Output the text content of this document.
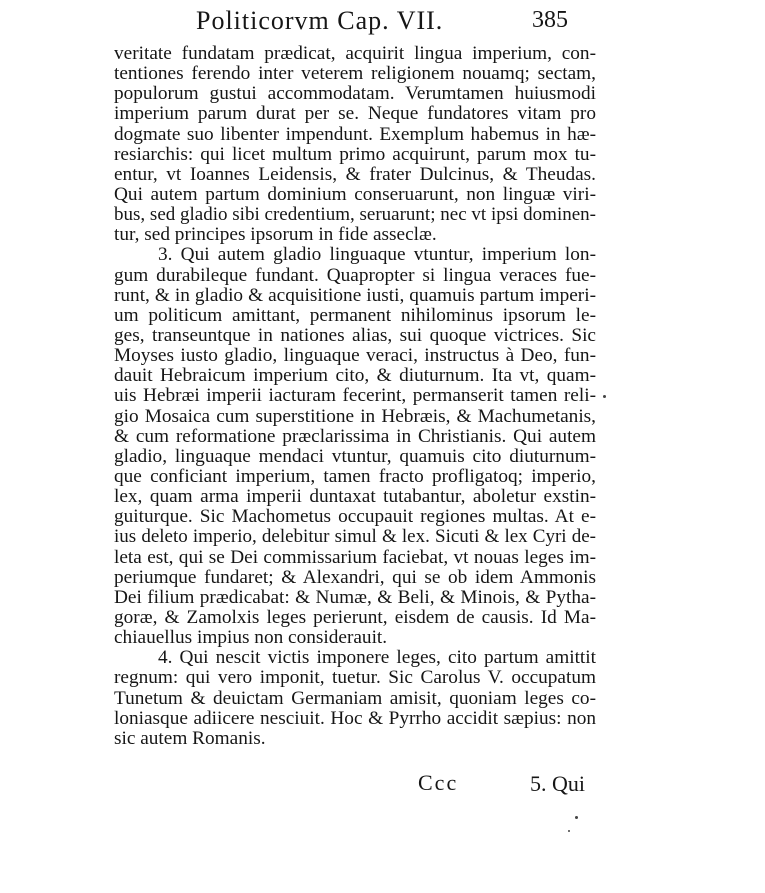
Politicorvm Cap. VII.	385
veritate fundatam prædicat, acquirit lingua imperium, con-
tentiones ferendo inter veterem religionem nouamq; sectam,
populorum gustui accommodatam. Verumtamen huiusmodi
imperium parum durat per se. Neque fundatores vitam pro
dogmate suo libenter impendunt. Exemplum habemus in hæ-
resiarchis: qui licet multum primo acquirunt, parum mox tu-
entur, vt Ioannes Leidensis, & frater Dulcinus, & Theudas.
Qui autem partum dominium conseruarunt, non linguæ viri-
bus, sed gladio sibi credentium, seruarunt; nec vt ipsi dominen-
tur, sed principes ipsorum in fide asseclæ.
3. Qui autem gladio linguaque vtuntur, imperium lon-
gum durabileque fundant. Quapropter si lingua veraces fue-
runt, & in gladio & acquisitione iusti, quamuis partum imperi-
um politicum amittant, permanent nihilominus ipsorum le-
ges, transeuntque in nationes alias, sui quoque victrices. Sic
Moyses iusto gladio, linguaque veraci, instructus à Deo, fun-
dauit Hebraicum imperium cito, & diuturnum. Ita vt, quam-
uis Hebræi imperii iacturam fecerint, permanserit tamen reli-
gio Mosaica cum superstitione in Hebræis, & Machumetanis,
& cum reformatione præclarissima in Christianis. Qui autem
gladio, linguaque mendaci vtuntur, quamuis cito diuturnum-
que conficiant imperium, tamen fracto profligatoq; imperio,
lex, quam arma imperii duntaxat tutabantur, aboletur exstin-
guiturque. Sic Machometus occupauit regiones multas. At e-
ius deleto imperio, delebitur simul & lex. Sicuti & lex Cyri de-
leta est, qui se Dei commissarium faciebat, vt nouas leges im-
periumque fundaret; & Alexandri, qui se ob idem Ammonis
Dei filium prædicabat: & Numæ, & Beli, & Minois, & Pytha-
goræ, & Zamolxis leges perierunt, eisdem de causis. Id Ma-
chiauellus impius non considerauit.
4. Qui nescit victis imponere leges, cito partum amittit
regnum: qui vero imponit, tuetur. Sic Carolus V. occupatum
Tunetum & deuictam Germaniam amisit, quoniam leges co-
loniasque adiicere nesciuit. Hoc & Pyrrho accidit sæpius: non
sic autem Romanis.
Ccc	5. Qui
